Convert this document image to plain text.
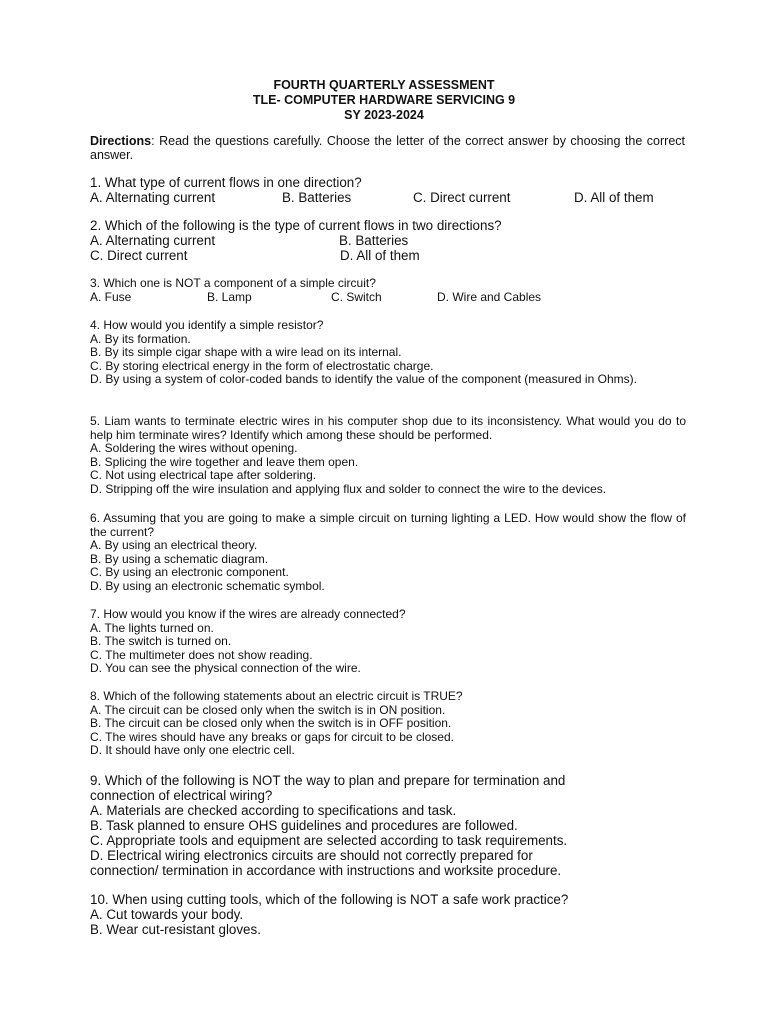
FOURTH QUARTERLY ASSESSMENT
TLE- COMPUTER HARDWARE SERVICING 9
SY 2023-2024
Directions: Read the questions carefully. Choose the letter of the correct answer by choosing the correct answer.
1. What type of current flows in one direction?
A. Alternating current	B. Batteries	C. Direct current	D. All of them
2. Which of the following is the type of current flows in two directions?
A. Alternating current	B. Batteries
C. Direct current	D. All of them
3. Which one is NOT a component of a simple circuit?
A. Fuse	B. Lamp	C. Switch	D. Wire and Cables
4. How would you identify a simple resistor?
A. By its formation.
B. By its simple cigar shape with a wire lead on its internal.
C. By storing electrical energy in the form of electrostatic charge.
D. By using a system of color-coded bands to identify the value of the component (measured in Ohms).
5. Liam wants to terminate electric wires in his computer shop due to its inconsistency. What would you do to help him terminate wires? Identify which among these should be performed.
A. Soldering the wires without opening.
B. Splicing the wire together and leave them open.
C. Not using electrical tape after soldering.
D. Stripping off the wire insulation and applying flux and solder to connect the wire to the devices.
6. Assuming that you are going to make a simple circuit on turning lighting a LED. How would show the flow of the current?
A. By using an electrical theory.
B. By using a schematic diagram.
C. By using an electronic component.
D. By using an electronic schematic symbol.
7. How would you know if the wires are already connected?
A. The lights turned on.
B. The switch is turned on.
C. The multimeter does not show reading.
D. You can see the physical connection of the wire.
8. Which of the following statements about an electric circuit is TRUE?
A. The circuit can be closed only when the switch is in ON position.
B. The circuit can be closed only when the switch is in OFF position.
C. The wires should have any breaks or gaps for circuit to be closed.
D. It should have only one electric cell.
9. Which of the following is NOT the way to plan and prepare for termination and
connection of electrical wiring?
A. Materials are checked according to specifications and task.
B. Task planned to ensure OHS guidelines and procedures are followed.
C. Appropriate tools and equipment are selected according to task requirements.
D. Electrical wiring electronics circuits are should not correctly prepared for
connection/ termination in accordance with instructions and worksite procedure.
10. When using cutting tools, which of the following is NOT a safe work practice?
A. Cut towards your body.
B. Wear cut-resistant gloves.
